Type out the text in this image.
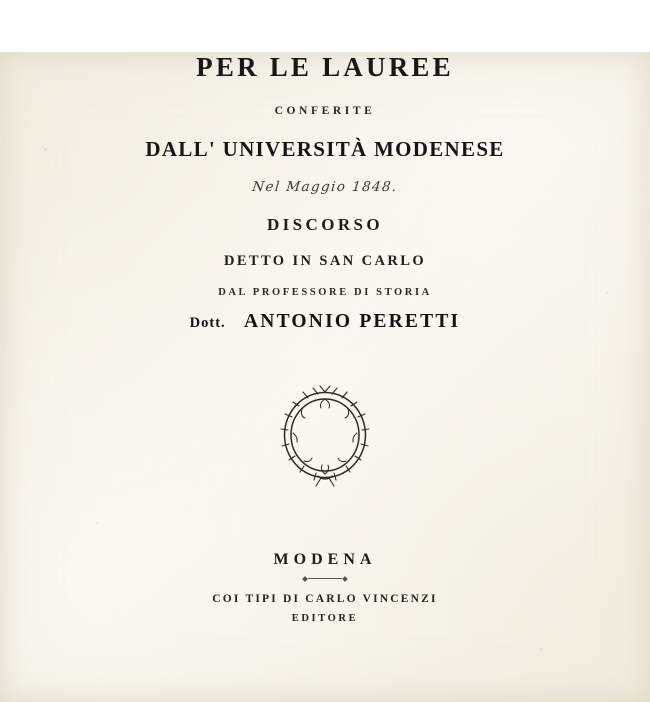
PER LE LAUREE
CONFERITE
DALL' UNIVERSITÀ MODENESE
Nel Maggio 1848.
DISCORSO
DETTO IN SAN CARLO
DAL PROFESSORE DI STORIA
Dott. ANTONIO PERETTI
MODENA
COI TIPI DI CARLO VINCENZI
EDITORE
